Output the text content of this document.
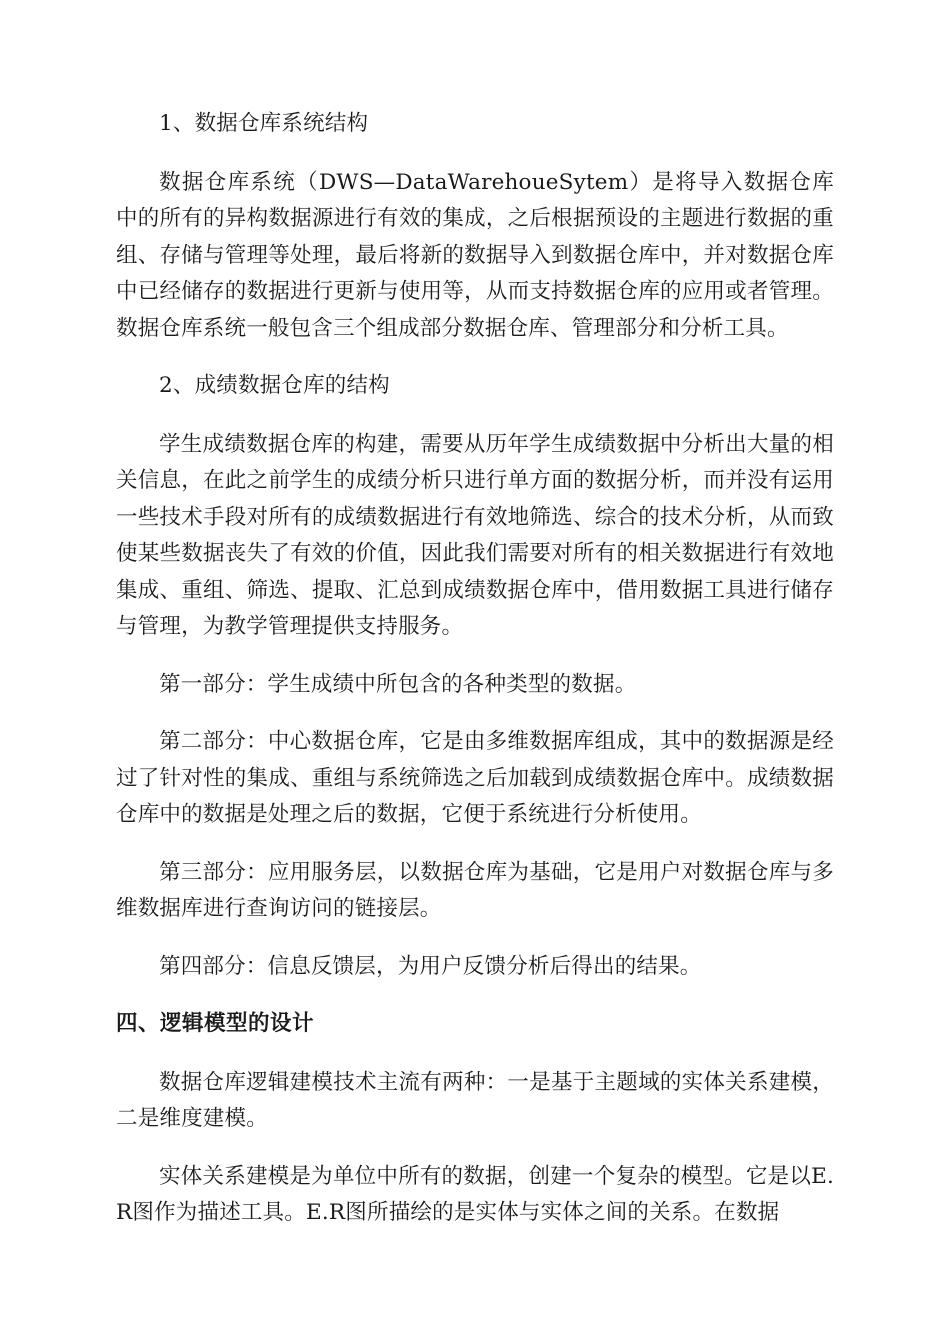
1、数据仓库系统结构

数据仓库系统（DWS—DataWarehoueSytem）是将导入数据仓库中的所有的异构数据源进行有效的集成，之后根据预设的主题进行数据的重组、存储与管理等处理，最后将新的数据导入到数据仓库中，并对数据仓库中已经储存的数据进行更新与使用等，从而支持数据仓库的应用或者管理。数据仓库系统一般包含三个组成部分数据仓库、管理部分和分析工具。

2、成绩数据仓库的结构

学生成绩数据仓库的构建，需要从历年学生成绩数据中分析出大量的相关信息，在此之前学生的成绩分析只进行单方面的数据分析，而并没有运用一些技术手段对所有的成绩数据进行有效地筛选、综合的技术分析，从而致使某些数据丧失了有效的价值，因此我们需要对所有的相关数据进行有效地集成、重组、筛选、提取、汇总到成绩数据仓库中，借用数据工具进行储存与管理，为教学管理提供支持服务。

第一部分：学生成绩中所包含的各种类型的数据。

第二部分：中心数据仓库，它是由多维数据库组成，其中的数据源是经过了针对性的集成、重组与系统筛选之后加载到成绩数据仓库中。成绩数据仓库中的数据是处理之后的数据，它便于系统进行分析使用。

第三部分：应用服务层，以数据仓库为基础，它是用户对数据仓库与多维数据库进行查询访问的链接层。

第四部分：信息反馈层，为用户反馈分析后得出的结果。

四、逻辑模型的设计

数据仓库逻辑建模技术主流有两种：一是基于主题域的实体关系建模，二是维度建模。

实体关系建模是为单位中所有的数据，创建一个复杂的模型。它是以E.R图作为描述工具。E.R图所描绘的是实体与实体之间的关系。在数据
